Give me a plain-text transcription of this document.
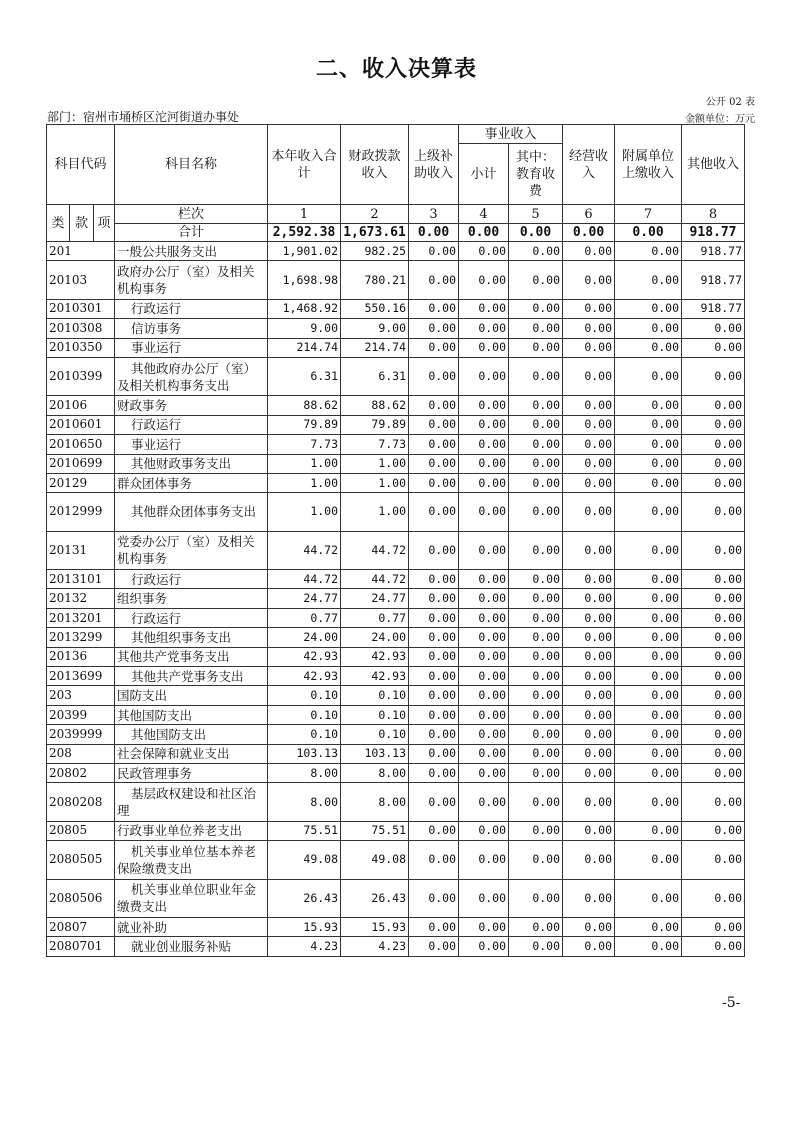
二、收入决算表
公开 02 表
部门：宿州市埇桥区沱河街道办事处	金额单位：万元
科目代码			科目名称	本年收入合计	财政拨款收入	上级补助收入	事业收入		经营收入	附属单位上缴收入	其他收入
							小计	其中：教育收费			
类	款	项	栏次	1	2	3	4	5	6	7	8
			合计	2,592.38	1,673.61	0.00	0.00	0.00	0.00	0.00	918.77
201			一般公共服务支出	1,901.02	982.25	0.00	0.00	0.00	0.00	0.00	918.77
20103			政府办公厅（室）及相关机构事务	1,698.98	780.21	0.00	0.00	0.00	0.00	0.00	918.77
2010301			行政运行	1,468.92	550.16	0.00	0.00	0.00	0.00	0.00	918.77
2010308			信访事务	9.00	9.00	0.00	0.00	0.00	0.00	0.00	0.00
2010350			事业运行	214.74	214.74	0.00	0.00	0.00	0.00	0.00	0.00
2010399			其他政府办公厅（室）及相关机构事务支出	6.31	6.31	0.00	0.00	0.00	0.00	0.00	0.00
20106			财政事务	88.62	88.62	0.00	0.00	0.00	0.00	0.00	0.00
2010601			行政运行	79.89	79.89	0.00	0.00	0.00	0.00	0.00	0.00
2010650			事业运行	7.73	7.73	0.00	0.00	0.00	0.00	0.00	0.00
2010699			其他财政事务支出	1.00	1.00	0.00	0.00	0.00	0.00	0.00	0.00
20129			群众团体事务	1.00	1.00	0.00	0.00	0.00	0.00	0.00	0.00
2012999			其他群众团体事务支出	1.00	1.00	0.00	0.00	0.00	0.00	0.00	0.00
20131			党委办公厅（室）及相关机构事务	44.72	44.72	0.00	0.00	0.00	0.00	0.00	0.00
2013101			行政运行	44.72	44.72	0.00	0.00	0.00	0.00	0.00	0.00
20132			组织事务	24.77	24.77	0.00	0.00	0.00	0.00	0.00	0.00
2013201			行政运行	0.77	0.77	0.00	0.00	0.00	0.00	0.00	0.00
2013299			其他组织事务支出	24.00	24.00	0.00	0.00	0.00	0.00	0.00	0.00
20136			其他共产党事务支出	42.93	42.93	0.00	0.00	0.00	0.00	0.00	0.00
2013699			其他共产党事务支出	42.93	42.93	0.00	0.00	0.00	0.00	0.00	0.00
203			国防支出	0.10	0.10	0.00	0.00	0.00	0.00	0.00	0.00
20399			其他国防支出	0.10	0.10	0.00	0.00	0.00	0.00	0.00	0.00
2039999			其他国防支出	0.10	0.10	0.00	0.00	0.00	0.00	0.00	0.00
208			社会保障和就业支出	103.13	103.13	0.00	0.00	0.00	0.00	0.00	0.00
20802			民政管理事务	8.00	8.00	0.00	0.00	0.00	0.00	0.00	0.00
2080208			基层政权建设和社区治理	8.00	8.00	0.00	0.00	0.00	0.00	0.00	0.00
20805			行政事业单位养老支出	75.51	75.51	0.00	0.00	0.00	0.00	0.00	0.00
2080505			机关事业单位基本养老保险缴费支出	49.08	49.08	0.00	0.00	0.00	0.00	0.00	0.00
2080506			机关事业单位职业年金缴费支出	26.43	26.43	0.00	0.00	0.00	0.00	0.00	0.00
20807			就业补助	15.93	15.93	0.00	0.00	0.00	0.00	0.00	0.00
2080701			就业创业服务补贴	4.23	4.23	0.00	0.00	0.00	0.00	0.00	0.00
-5-
